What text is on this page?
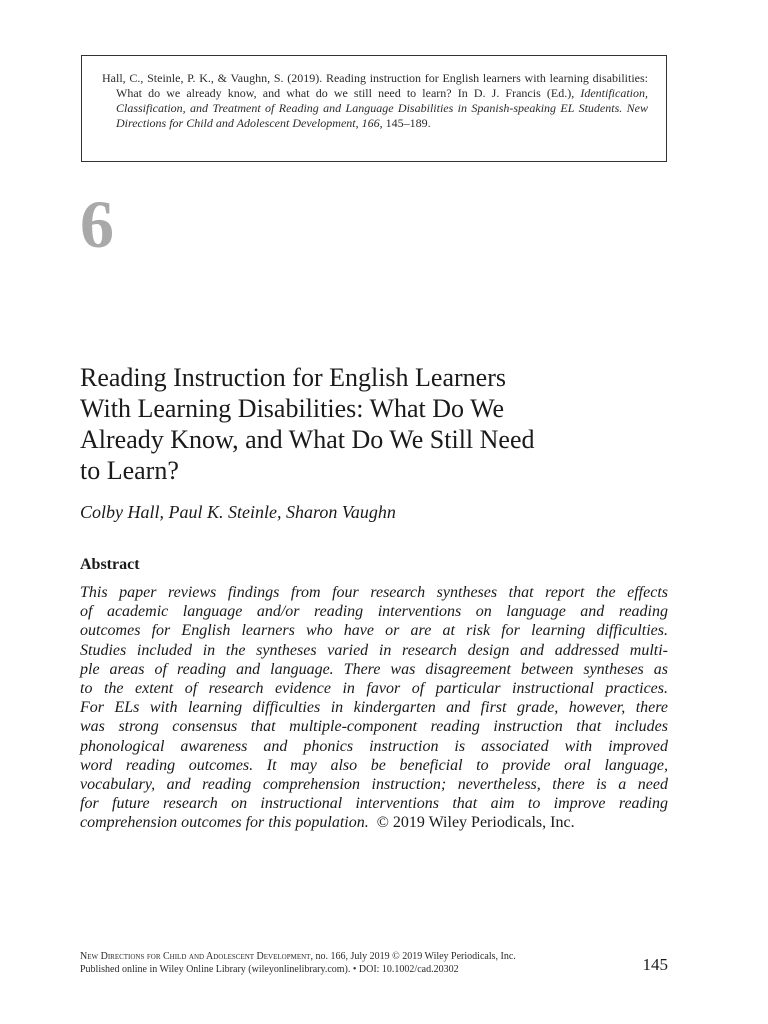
Hall, C., Steinle, P. K., & Vaughn, S. (2019). Reading instruction for English learners with learning disabilities: What do we already know, and what do we still need to learn? In D. J. Francis (Ed.), Identification, Classification, and Treatment of Reading and Language Disabilities in Spanish-speaking EL Students. New Directions for Child and Adolescent Development, 166, 145–189.

6
Reading Instruction for English Learners
With Learning Disabilities: What Do We
Already Know, and What Do We Still Need
to Learn?
Colby Hall, Paul K. Steinle, Sharon Vaughn
Abstract
This paper reviews findings from four research syntheses that report the effects
of academic language and/or reading interventions on language and reading
outcomes for English learners who have or are at risk for learning difficulties.
Studies included in the syntheses varied in research design and addressed multi-
ple areas of reading and language. There was disagreement between syntheses as
to the extent of research evidence in favor of particular instructional practices.
For ELs with learning difficulties in kindergarten and first grade, however, there
was strong consensus that multiple-component reading instruction that includes
phonological awareness and phonics instruction is associated with improved
word reading outcomes. It may also be beneficial to provide oral language,
vocabulary, and reading comprehension instruction; nevertheless, there is a need
for future research on instructional interventions that aim to improve reading
comprehension outcomes for this population. © 2019 Wiley Periodicals, Inc.
New Directions for Child and Adolescent Development, no. 166, July 2019 © 2019 Wiley Periodicals, Inc.
Published online in Wiley Online Library (wileyonlinelibrary.com). • DOI: 10.1002/cad.20302	145
